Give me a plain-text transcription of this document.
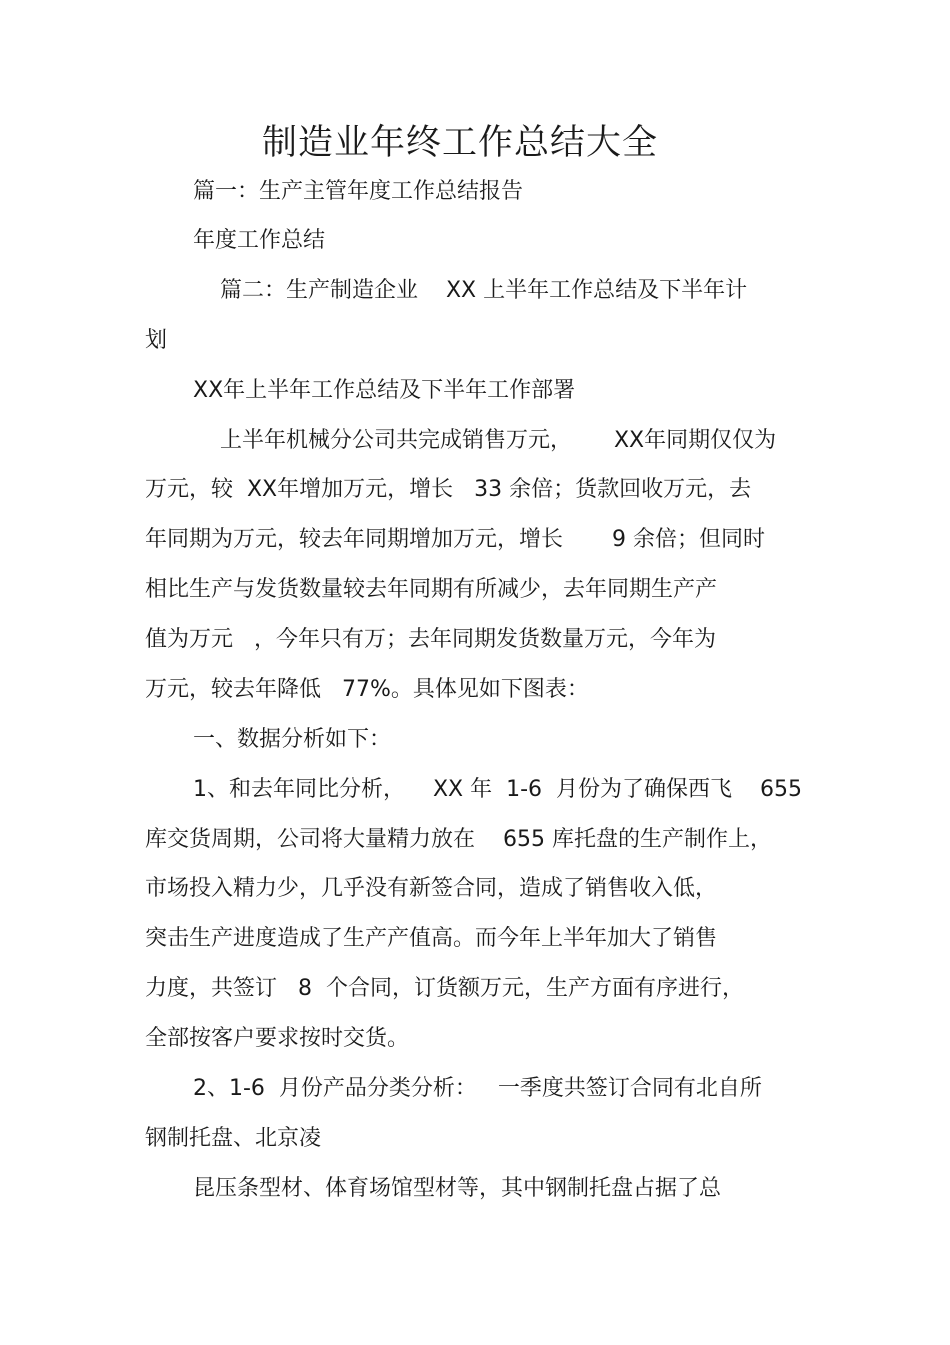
制造业年终工作总结大全
篇一：生产主管年度工作总结报告
年度工作总结
篇二：生产制造企业    XX 上半年工作总结及下半年计
划
XX年上半年工作总结及下半年工作部署
上半年机械分公司共完成销售万元，      XX年同期仅仅为
万元，较  XX年增加万元，增长   33 余倍；货款回收万元，去
年同期为万元，较去年同期增加万元，增长       9 余倍；但同时
相比生产与发货数量较去年同期有所减少，去年同期生产产
值为万元   ，今年只有万；去年同期发货数量万元，今年为
万元，较去年降低   77%。具体见如下图表：
一、数据分析如下：
1、和去年同比分析，    XX 年  1-6  月份为了确保西飞    655
库交货周期，公司将大量精力放在    655 库托盘的生产制作上，
市场投入精力少，几乎没有新签合同，造成了销售收入低，
突击生产进度造成了生产产值高。而今年上半年加大了销售
力度，共签订   8  个合同，订货额万元，生产方面有序进行，
全部按客户要求按时交货。
2、1-6  月份产品分类分析：   一季度共签订合同有北自所
钢制托盘、北京凌
昆压条型材、体育场馆型材等，其中钢制托盘占据了总
